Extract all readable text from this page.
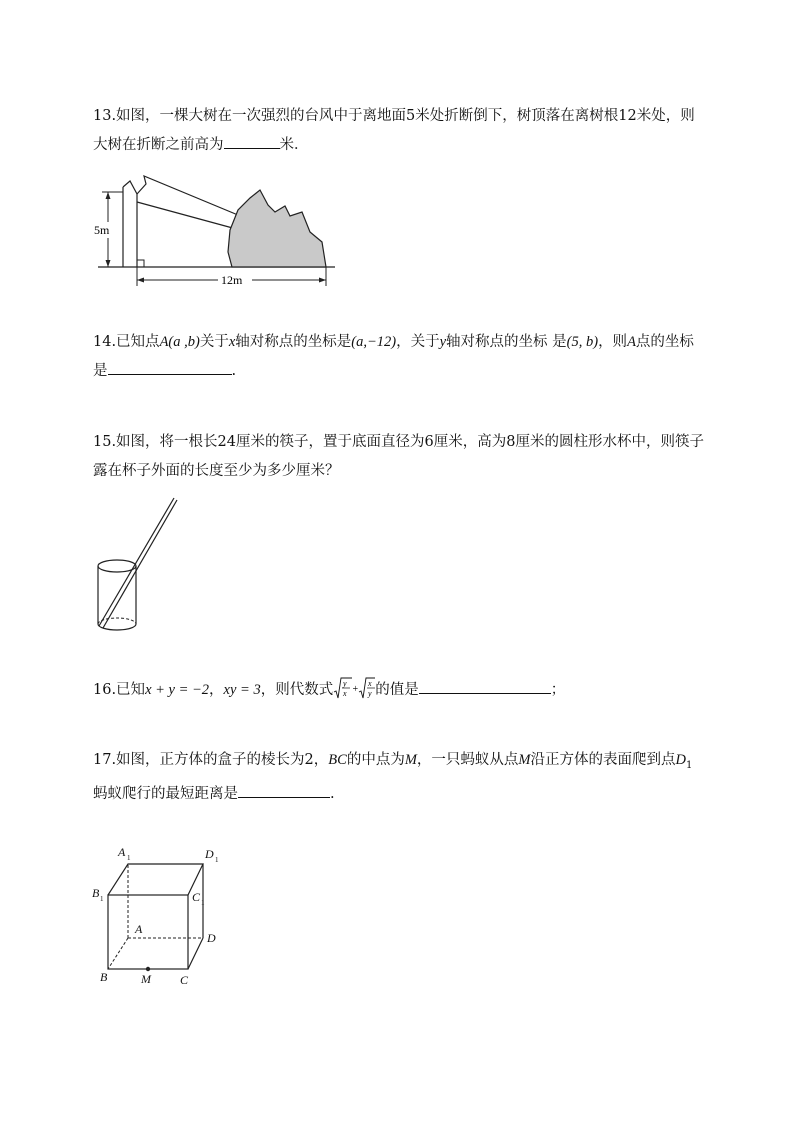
13.如图，一棵大树在一次强烈的台风中于离地面5米处折断倒下，树顶落在离树根12米处，则
大树在折断之前高为	米．
5m
12m
14.已知点A(a ,b)关于x轴对称点的坐标是(a,−12)，关于y轴对称点的坐标 是(5, b)，则A点的坐标
是	.
15.如图，将一根长24厘米的筷子，置于底面直径为6厘米，高为8厘米的圆柱形水杯中，则筷子
露在杯子外面的长度至少为多少厘米？
16.已知x + y = −2，xy = 3，则代数式 y
x +
x
y 的值是	；
17.如图，正方体的盒子的棱长为2，BC的中点为M，一只蚂蚁从点M沿正方体的表面爬到点$D_1$
蚂蚁爬行的最短距离是	.
A 1	D 1
B 1	C 1
A
D
B	M C
